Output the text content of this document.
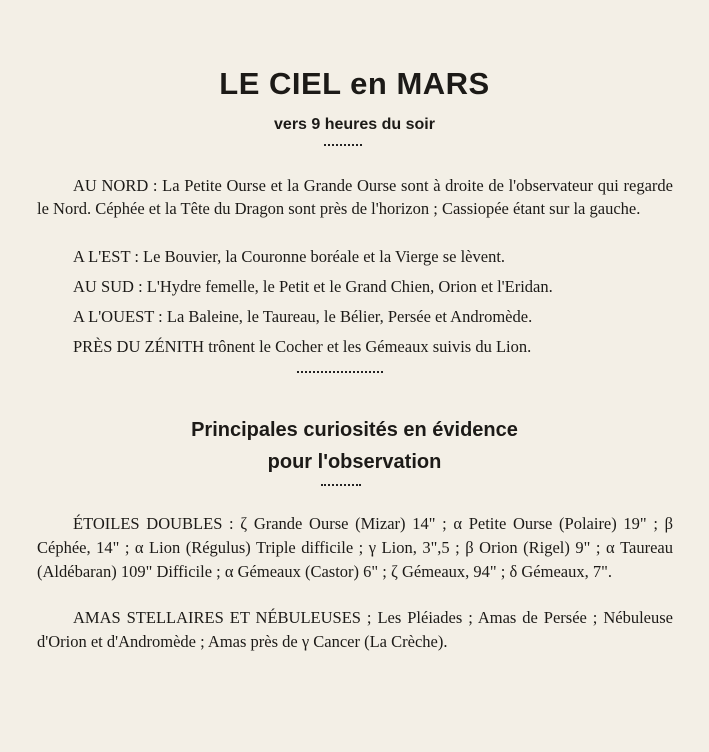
LE CIEL en MARS
vers 9 heures du soir

AU NORD : La Petite Ourse et la Grande Ourse sont à droite de l'observateur qui regarde le Nord. Céphée et la Tête du Dragon sont près de l'horizon ; Cassiopée étant sur la gauche.

A L'EST : Le Bouvier, la Couronne boréale et la Vierge se lèvent.

AU SUD : L'Hydre femelle, le Petit et le Grand Chien, Orion et l'Eridan.

A L'OUEST : La Baleine, le Taureau, le Bélier, Persée et Andromède.

PRÈS DU ZÉNITH trônent le Cocher et les Gémeaux suivis du Lion.

Principales curiosités en évidence
pour l'observation

ÉTOILES DOUBLES : ζ Grande Ourse (Mizar) 14" ; α Petite Ourse (Polaire) 19" ; β Céphée, 14" ; α Lion (Régulus) Triple difficile ; γ Lion, 3",5 ; β Orion (Rigel) 9" ; α Taureau (Aldébaran) 109" Difficile ; α Gémeaux (Castor) 6" ; ζ Gémeaux, 94" ; δ Gémeaux, 7".

AMAS STELLAIRES ET NÉBULEUSES ; Les Pléiades ; Amas de Persée ; Nébuleuse d'Orion et d'Andromède ; Amas près de γ Cancer (La Crèche).
